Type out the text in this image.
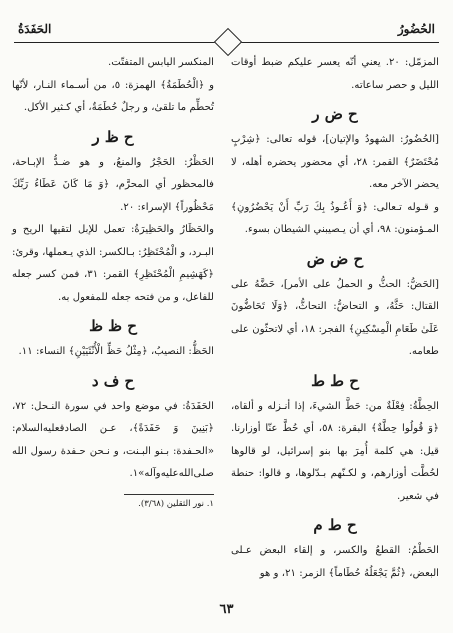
الحُضُورُ
الحَفَدَةُ

المزمّل: ٢٠. يعني أنّه يعسر عليكم ضبط أوقات الليل و حصر ساعاته.

ح ض ر

[الحُضُورُ: الشهودُ والإتيان]، قوله تعالى: ﴿شِرْبٍ مُحْتَضَرٌ﴾ القمر: ٢٨، أي محضور يحضره أهله، لا يحضر الآخر معه.

و قـوله تـعالى: ﴿وَ أَعُـوذُ بِكَ رَبِّ أَنْ يَحْضُرُونِ﴾ المـؤمنون: ٩٨، أي أن يـصيبني الشيطان بسوء.

ح ض ض

[الحَضُّ: الحثُّ و الحملُ على الأمر]، حَضَّهُ على القتال: حَثَّهُ، و التحاضُّ: التحاثُّ، ﴿وَلَا تَحَاضُّونَ عَلَىٰ طَعَامِ الْمِسْكِينِ﴾ الفجر: ١٨، أي لاتحثّون على طعامه.

ح ط ط

الحِطَّةُ: فِعْلَةٌ من: حَطَّ الشيءَ، إذا أنـزله و ألقاه، ﴿وَ قُولُوا حِطَّةٌ﴾ البقرة: ٥٨، أي حُطَّ عنّا أوزارنا. قيل: هي كلمة أُمِرَ بها بنو إسرائيل، لو قالوها لحُطَّت أوزارهم، و لكـنّهم بـدّلوها، و قالوا: حنطة في شعير.

ح ط م

الحَطْمُ: القطعُ والكسر، و إلقاء البعض عـلى البعض، ﴿ثُمَّ يَجْعَلُهُ حُطَاماً﴾ الزمر: ٢١، و هو

المنكسر اليابس المتفتّت.

و ﴿الْحُطَمَةُ﴾ الهمزة: ٥، من أسـماء النـار، لأنّها تُحطِّم ما تلقىٰ، و رجلٌ حُطَمَةٌ، أي كـثير الأكل.

ح ظ ر

الحَظْرُ: الحَجْرُ والمنعُ، و هو ضـدُّ الإبـاحة، فالمحظور أي المحرَّم، ﴿وَ مَا كَانَ عَطَاءُ رَبِّكَ مَحْظُوراً﴾ الإسراء: ٢٠.

والحَظَارُ والحَظِيرَةُ: تعمل للإبل لتقيها الريح و البـرد، و الْمُحْتَظِرُ: بـالكسر: الذي يـعملها، وقرئ: ﴿كَهَشِيمِ الْمُحْتَظِرِ﴾ القمر: ٣١، فمن كسر جعله للفاعل، و من فتحه جعله للمفعول به.

ح ظ ظ

الحَظُّ: النصيبُ، ﴿مِثْلُ حَظِّ الْأُنْثَيَيْنِ﴾ النساء: ١١.

ح ف د

الحَفَدَةُ: في موضع واحد في سورة النـحل: ٧٢، ﴿بَنِينَ وَ حَفَدَةً﴾، عـن الصادقعليه‌السلام: «الحـفدة: بـنو البـنت، و نـحن حـفدة رسول الله صلى‌الله‌عليه‌وآله»١.

١. نور الثقلين (٣/٦٨).

٦٣
